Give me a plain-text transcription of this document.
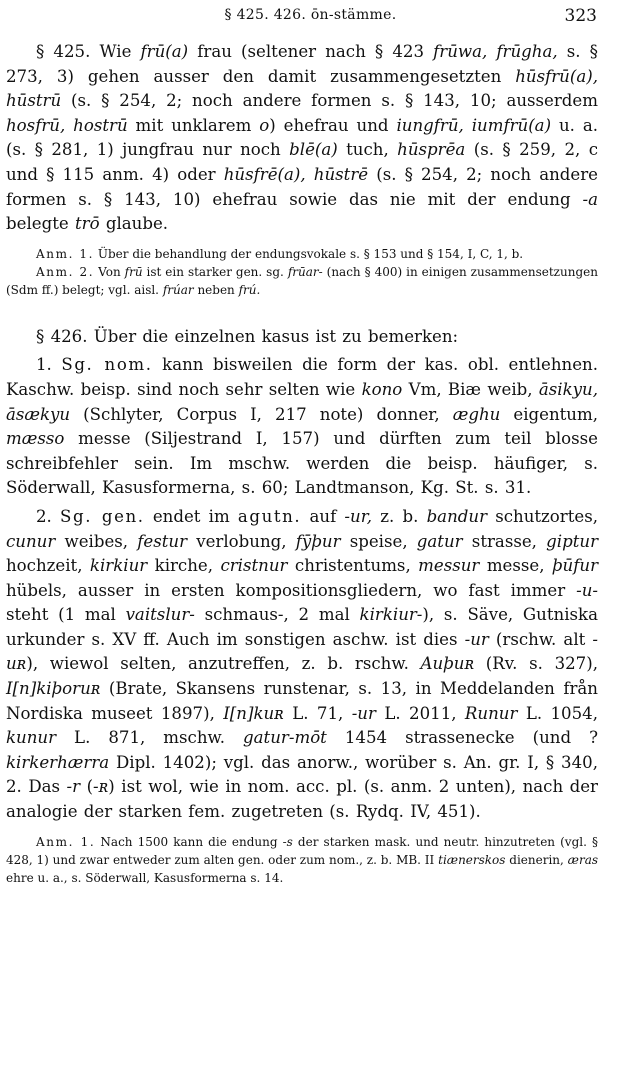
§ 425. 426. ōn-stämme.	323

§ 425. Wie frū(a) frau (seltener nach § 423 frūwa, frūgha, s. § 273, 3) gehen ausser den damit zusammengesetzten hūsfrū(a), hūstrū (s. § 254, 2; noch andere formen s. § 143, 10; ausserdem hosfrū, hostrū mit unklarem o) ehefrau und iungfrū, iumfrū(a) u. a. (s. § 281, 1) jungfrau nur noch blē(a) tuch, hūsprēa (s. § 259, 2, c und § 115 anm. 4) oder hūsfrē(a), hūstrē (s. § 254, 2; noch andere formen s. § 143, 10) ehefrau sowie das nie mit der endung -a belegte trō glaube.

Anm. 1. Über die behandlung der endungsvokale s. § 153 und § 154, I, C, 1, b.

Anm. 2. Von frū ist ein starker gen. sg. frūar- (nach § 400) in einigen zusammensetzungen (Sdm ff.) belegt; vgl. aisl. frúar neben frú.

§ 426. Über die einzelnen kasus ist zu bemerken:

1. Sg. nom. kann bisweilen die form der kas. obl. entlehnen. Kaschw. beisp. sind noch sehr selten wie kono Vm, Biæ weib, āsikyu, āsækyu (Schlyter, Corpus I, 217 note) donner, æghu eigentum, mæsso messe (Siljestrand I, 157) und dürften zum teil blosse schreibfehler sein. Im mschw. werden die beisp. häufiger, s. Söderwall, Kasusformerna, s. 60; Landtmanson, Kg. St. s. 31.

2. Sg. gen. endet im agutn. auf -ur, z. b. bandur schutzortes, cunur weibes, festur verlobung, fȳþur speise, gatur strasse, giptur hochzeit, kirkiur kirche, cristnur christentums, messur messe, þūfur hübels, ausser in ersten kompositionsgliedern, wo fast immer -u- steht (1 mal vaitslur- schmaus-, 2 mal kirkiur-), s. Säve, Gutniska urkunder s. XV ff. Auch im sonstigen aschw. ist dies -ur (rschw. alt -uʀ), wiewol selten, anzutreffen, z. b. rschw. Auþuʀ (Rv. s. 327), I[n]kiþoruʀ (Brate, Skansens runstenar, s. 13, in Meddelanden från Nordiska museet 1897), I[n]kuʀ L. 71, -ur L. 2011, Runur L. 1054, kunur L. 871, mschw. gatur-mōt 1454 strassenecke (und ? kirkerhærra Dipl. 1402); vgl. das anorw., worüber s. An. gr. I, § 340, 2. Das -r (-ʀ) ist wol, wie in nom. acc. pl. (s. anm. 2 unten), nach der analogie der starken fem. zugetreten (s. Rydq. IV, 451).

Anm. 1. Nach 1500 kann die endung -s der starken mask. und neutr. hinzutreten (vgl. § 428, 1) und zwar entweder zum alten gen. oder zum nom., z. b. MB. II tiænerskos dienerin, æras ehre u. a., s. Söderwall, Kasusformerna s. 14.
